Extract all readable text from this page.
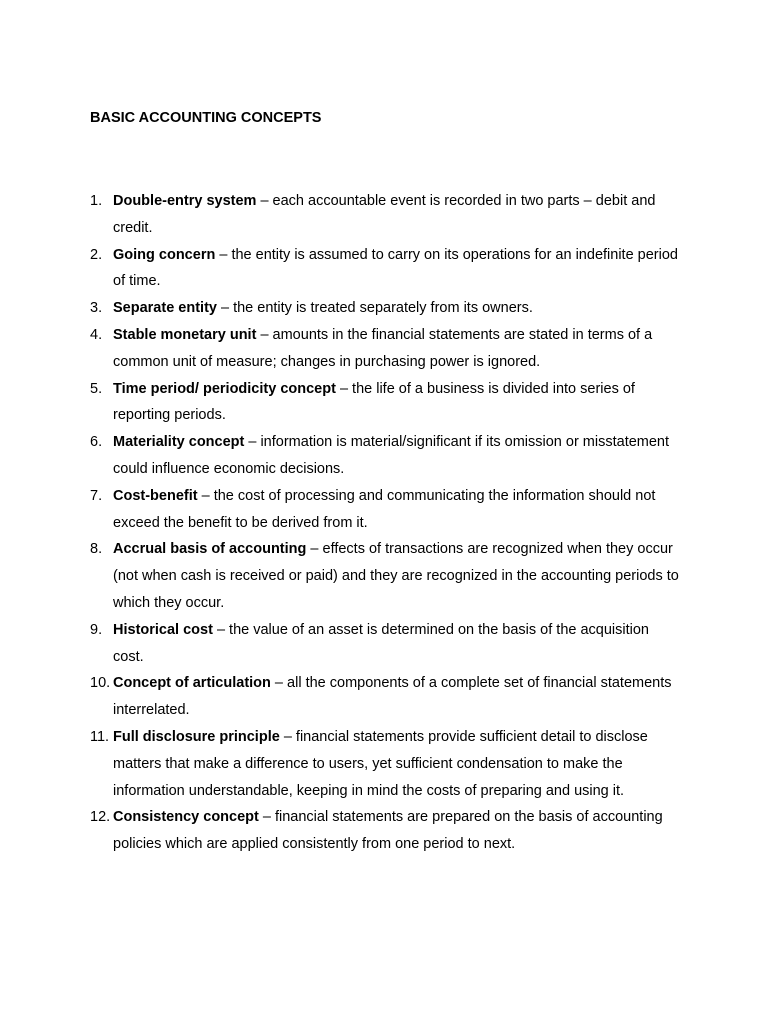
BASIC ACCOUNTING CONCEPTS
1. Double-entry system – each accountable event is recorded in two parts – debit and credit.
2. Going concern – the entity is assumed to carry on its operations for an indefinite period of time.
3. Separate entity – the entity is treated separately from its owners.
4. Stable monetary unit – amounts in the financial statements are stated in terms of a common unit of measure; changes in purchasing power is ignored.
5. Time period/ periodicity concept – the life of a business is divided into series of reporting periods.
6. Materiality concept – information is material/significant if its omission or misstatement could influence economic decisions.
7. Cost-benefit – the cost of processing and communicating the information should not exceed the benefit to be derived from it.
8. Accrual basis of accounting – effects of transactions are recognized when they occur (not when cash is received or paid) and they are recognized in the accounting periods to which they occur.
9. Historical cost – the value of an asset is determined on the basis of the acquisition cost.
10. Concept of articulation – all the components of a complete set of financial statements interrelated.
11. Full disclosure principle – financial statements provide sufficient detail to disclose matters that make a difference to users, yet sufficient condensation to make the information understandable, keeping in mind the costs of preparing and using it.
12. Consistency concept – financial statements are prepared on the basis of accounting policies which are applied consistently from one period to next.
